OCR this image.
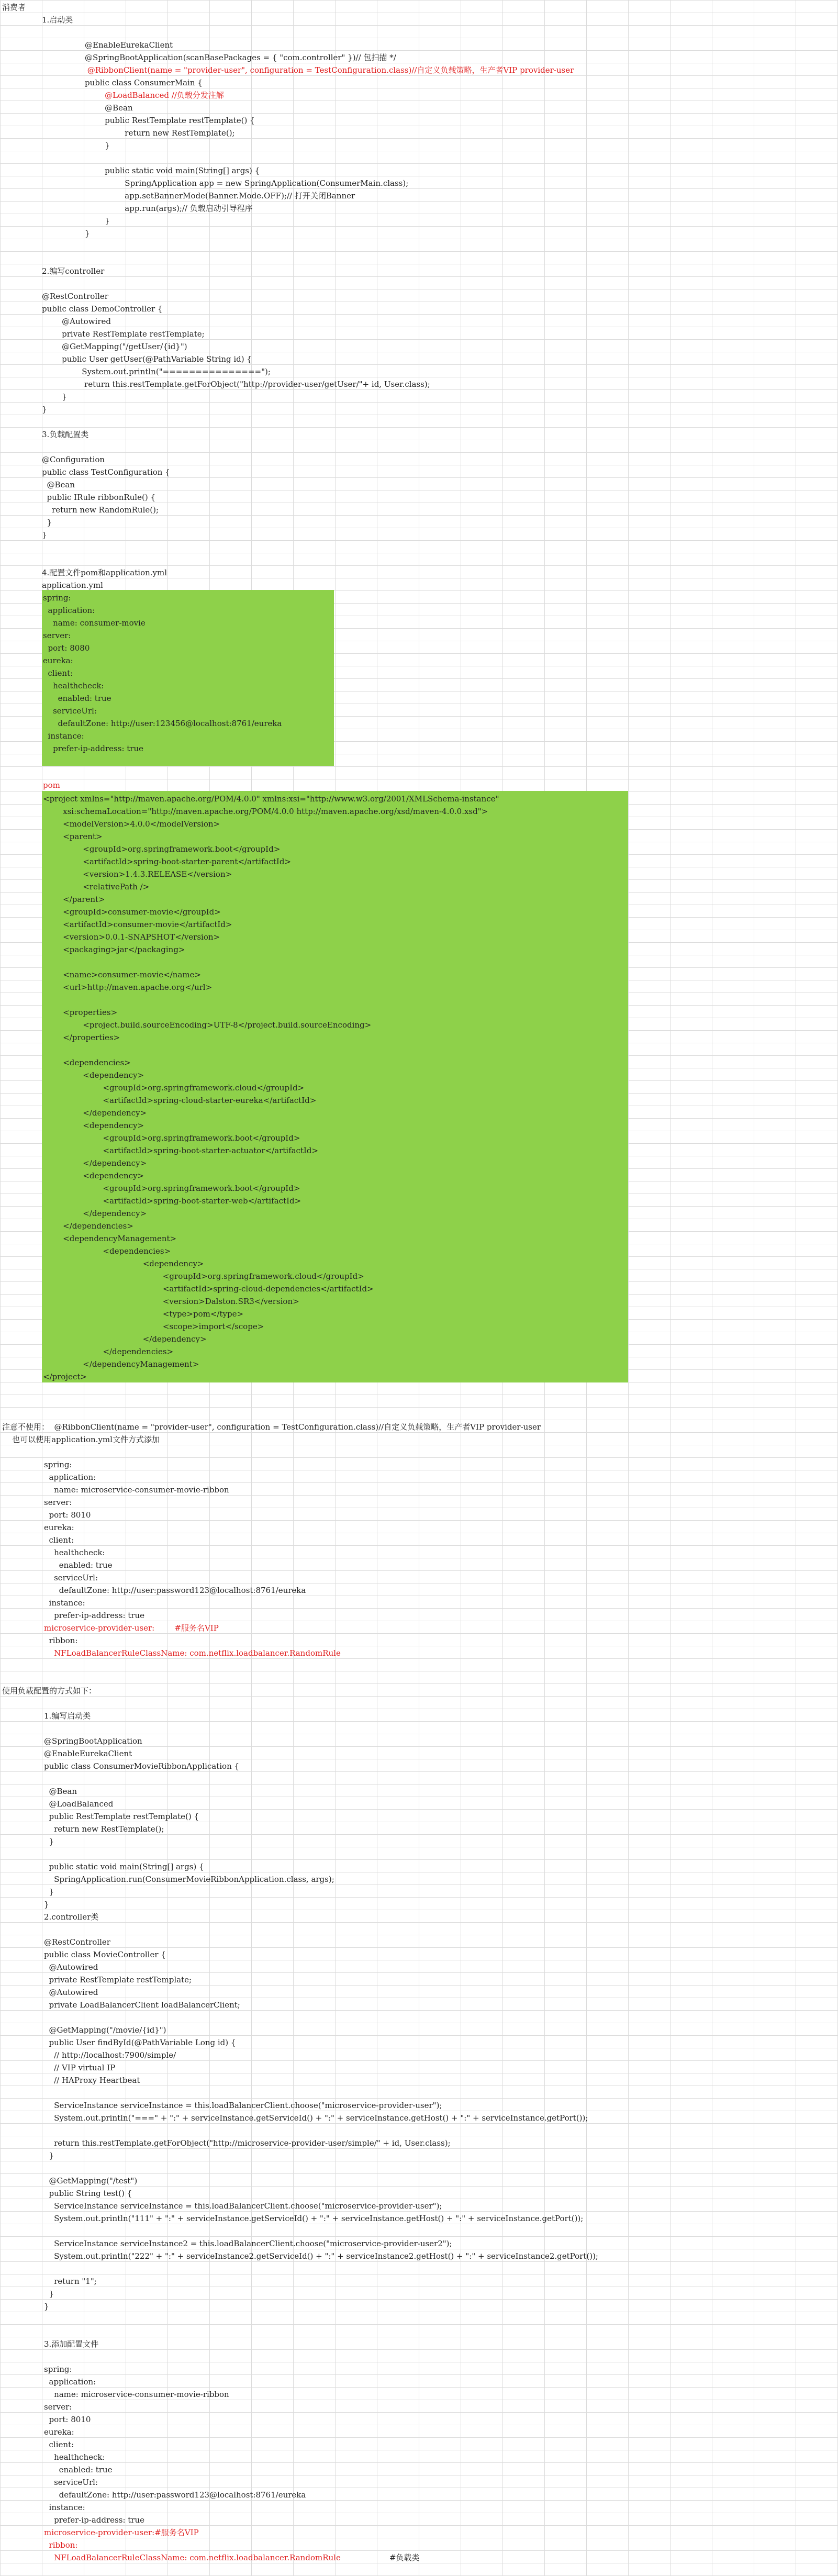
消费者
1.启动类
@EnableEurekaClient
@SpringBootApplication(scanBasePackages = { "com.controller" })// 包扫描 */
@RibbonClient(name = "provider-user", configuration = TestConfiguration.class)//自定义负载策略，生产者VIP provider-user
public class ConsumerMain {
@LoadBalanced //负载分发注解
@Bean
public RestTemplate restTemplate() {
return new RestTemplate();
}
public static void main(String[] args) {
SpringApplication app = new SpringApplication(ConsumerMain.class);
app.setBannerMode(Banner.Mode.OFF);// 打开关闭Banner
app.run(args);// 负载启动引导程序
}
}
2.编写controller
@RestController
public class DemoController {
@Autowired
private RestTemplate restTemplate;
@GetMapping("/getUser/{id}")
public User getUser(@PathVariable String id) {
System.out.println("===============");
return this.restTemplate.getForObject("http://provider-user/getUser/"+ id, User.class);
}
}
3.负载配置类
@Configuration
public class TestConfiguration {
@Bean
public IRule ribbonRule() {
return new RandomRule();
}
}
4.配置文件pom和application.yml
application.yml
spring:
application:
name: consumer-movie
server:
port: 8080
eureka:
client:
healthcheck:
enabled: true
serviceUrl:
defaultZone: http://user:123456@localhost:8761/eureka
instance:
prefer-ip-address: true
pom
<project xmlns="http://maven.apache.org/POM/4.0.0" xmlns:xsi="http://www.w3.org/2001/XMLSchema-instance"
xsi:schemaLocation="http://maven.apache.org/POM/4.0.0 http://maven.apache.org/xsd/maven-4.0.0.xsd">
<modelVersion>4.0.0</modelVersion>
<parent>
<groupId>org.springframework.boot</groupId>
<artifactId>spring-boot-starter-parent</artifactId>
<version>1.4.3.RELEASE</version>
<relativePath />
</parent>
<groupId>consumer-movie</groupId>
<artifactId>consumer-movie</artifactId>
<version>0.0.1-SNAPSHOT</version>
<packaging>jar</packaging>
<name>consumer-movie</name>
<url>http://maven.apache.org</url>
<properties>
<project.build.sourceEncoding>UTF-8</project.build.sourceEncoding>
</properties>
<dependencies>
<dependency>
<groupId>org.springframework.cloud</groupId>
<artifactId>spring-cloud-starter-eureka</artifactId>
</dependency>
<dependency>
<groupId>org.springframework.boot</groupId>
<artifactId>spring-boot-starter-actuator</artifactId>
</dependency>
<dependency>
<groupId>org.springframework.boot</groupId>
<artifactId>spring-boot-starter-web</artifactId>
</dependency>
</dependencies>
<dependencyManagement>
<dependencies>
<dependency>
<groupId>org.springframework.cloud</groupId>
<artifactId>spring-cloud-dependencies</artifactId>
<version>Dalston.SR3</version>
<type>pom</type>
<scope>import</scope>
</dependency>
</dependencies>
</dependencyManagement>
</project>
注意不使用：  @RibbonClient(name = "provider-user", configuration = TestConfiguration.class)//自定义负载策略，生产者VIP provider-user
也可以使用application.yml文件方式添加
spring:
application:
name: microservice-consumer-movie-ribbon
server:
port: 8010
eureka:
client:
healthcheck:
enabled: true
serviceUrl:
defaultZone: http://user:password123@localhost:8761/eureka
instance:
prefer-ip-address: true
microservice-provider-user:        #服务名VIP
ribbon:
NFLoadBalancerRuleClassName: com.netflix.loadbalancer.RandomRule
使用负载配置的方式如下：
1.编写启动类
@SpringBootApplication
@EnableEurekaClient
public class ConsumerMovieRibbonApplication {
@Bean
@LoadBalanced
public RestTemplate restTemplate() {
return new RestTemplate();
}
public static void main(String[] args) {
SpringApplication.run(ConsumerMovieRibbonApplication.class, args);
}
}
2.controller类
@RestController
public class MovieController {
@Autowired
private RestTemplate restTemplate;
@Autowired
private LoadBalancerClient loadBalancerClient;
@GetMapping("/movie/{id}")
public User findById(@PathVariable Long id) {
// http://localhost:7900/simple/
// VIP virtual IP
// HAProxy Heartbeat
ServiceInstance serviceInstance = this.loadBalancerClient.choose("microservice-provider-user");
System.out.println("===" + ":" + serviceInstance.getServiceId() + ":" + serviceInstance.getHost() + ":" + serviceInstance.getPort());
return this.restTemplate.getForObject("http://microservice-provider-user/simple/" + id, User.class);
}
@GetMapping("/test")
public String test() {
ServiceInstance serviceInstance = this.loadBalancerClient.choose("microservice-provider-user");
System.out.println("111" + ":" + serviceInstance.getServiceId() + ":" + serviceInstance.getHost() + ":" + serviceInstance.getPort());
ServiceInstance serviceInstance2 = this.loadBalancerClient.choose("microservice-provider-user2");
System.out.println("222" + ":" + serviceInstance2.getServiceId() + ":" + serviceInstance2.getHost() + ":" + serviceInstance2.getPort());
return "1";
}
}
3.添加配置文件
spring:
application:
name: microservice-consumer-movie-ribbon
server:
port: 8010
eureka:
client:
healthcheck:
enabled: true
serviceUrl:
defaultZone: http://user:password123@localhost:8761/eureka
instance:
prefer-ip-address: true
microservice-provider-user:#服务名VIP
ribbon:
NFLoadBalancerRuleClassName: com.netflix.loadbalancer.RandomRule	#负载类
